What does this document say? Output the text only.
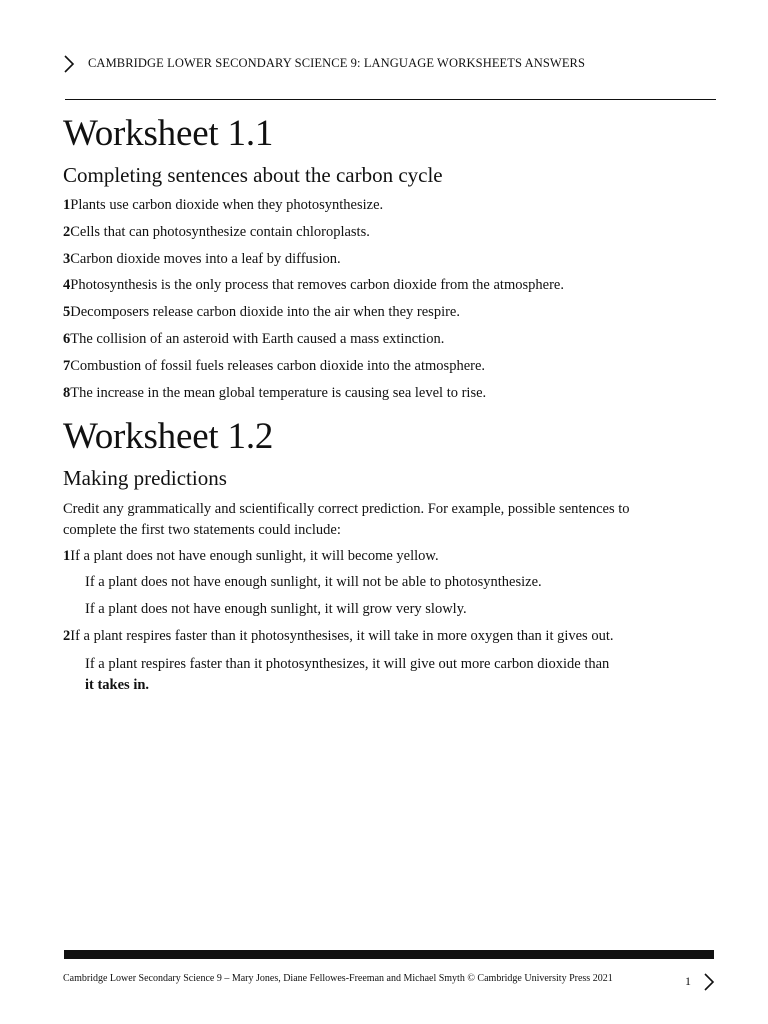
CAMBRIDGE LOWER SECONDARY SCIENCE 9: LANGUAGE WORKSHEETS ANSWERS
Worksheet 1.1
Completing sentences about the carbon cycle

1Plants use carbon dioxide when they photosynthesize.

2Cells that can photosynthesize contain chloroplasts.

3Carbon dioxide moves into a leaf by diffusion.

4Photosynthesis is the only process that removes carbon dioxide from the atmosphere.

5Decomposers release carbon dioxide into the air when they respire.

6The collision of an asteroid with Earth caused a mass extinction.

7Combustion of fossil fuels releases carbon dioxide into the atmosphere.

8The increase in the mean global temperature is causing sea level to rise.

Worksheet 1.2
Making predictions

Credit any grammatically and scientifically correct prediction. For example, possible sentences to complete the first two statements could include:

1If a plant does not have enough sunlight, it will become yellow.

If a plant does not have enough sunlight, it will not be able to photosynthesize.

If a plant does not have enough sunlight, it will grow very slowly.

2If a plant respires faster than it photosynthesises, it will take in more oxygen than it gives out.

If a plant respires faster than it photosynthesizes, it will give out more carbon dioxide than
it takes in.

Cambridge Lower Secondary Science 9 – Mary Jones, Diane Fellowes-Freeman and Michael Smyth © Cambridge University Press 2021	1
